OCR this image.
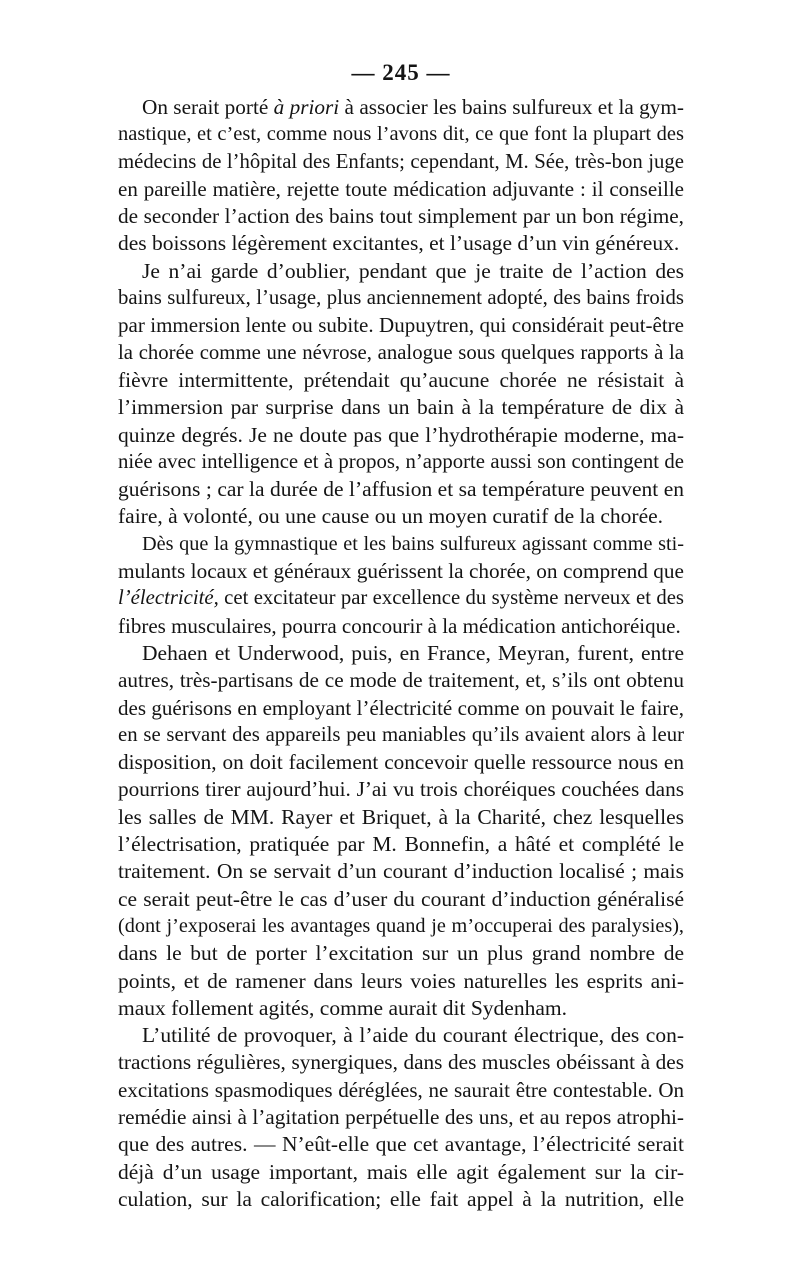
— 245 —
On serait porté à priori à associer les bains sulfureux et la gym-
nastique, et c’est, comme nous l’avons dit, ce que font la plupart des
médecins de l’hôpital des Enfants; cependant, M. Sée, très-bon juge
en pareille matière, rejette toute médication adjuvante : il conseille
de seconder l’action des bains tout simplement par un bon régime,
des boissons légèrement excitantes, et l’usage d’un vin généreux.
Je n’ai garde d’oublier, pendant que je traite de l’action des
bains sulfureux, l’usage, plus anciennement adopté, des bains froids
par immersion lente ou subite. Dupuytren, qui considérait peut-être
la chorée comme une névrose, analogue sous quelques rapports à la
fièvre intermittente, prétendait qu’aucune chorée ne résistait à
l’immersion par surprise dans un bain à la température de dix à
quinze degrés. Je ne doute pas que l’hydrothérapie moderne, ma-
niée avec intelligence et à propos, n’apporte aussi son contingent de
guérisons ; car la durée de l’affusion et sa température peuvent en
faire, à volonté, ou une cause ou un moyen curatif de la chorée.
Dès que la gymnastique et les bains sulfureux agissant comme sti-
mulants locaux et généraux guérissent la chorée, on comprend que
l’électricité, cet excitateur par excellence du système nerveux et des
fibres musculaires, pourra concourir à la médication antichoréique.
Dehaen et Underwood, puis, en France, Meyran, furent, entre
autres, très-partisans de ce mode de traitement, et, s’ils ont obtenu
des guérisons en employant l’électricité comme on pouvait le faire,
en se servant des appareils peu maniables qu’ils avaient alors à leur
disposition, on doit facilement concevoir quelle ressource nous en
pourrions tirer aujourd’hui. J’ai vu trois choréiques couchées dans
les salles de MM. Rayer et Briquet, à la Charité, chez lesquelles
l’électrisation, pratiquée par M. Bonnefin, a hâté et complété le
traitement. On se servait d’un courant d’induction localisé ; mais
ce serait peut-être le cas d’user du courant d’induction généralisé
(dont j’exposerai les avantages quand je m’occuperai des paralysies),
dans le but de porter l’excitation sur un plus grand nombre de
points, et de ramener dans leurs voies naturelles les esprits ani-
maux follement agités, comme aurait dit Sydenham.
L’utilité de provoquer, à l’aide du courant électrique, des con-
tractions régulières, synergiques, dans des muscles obéissant à des
excitations spasmodiques déréglées, ne saurait être contestable. On
remédie ainsi à l’agitation perpétuelle des uns, et au repos atrophi-
que des autres. — N’eût-elle que cet avantage, l’électricité serait
déjà d’un usage important, mais elle agit également sur la cir-
culation, sur la calorification; elle fait appel à la nutrition, elle
